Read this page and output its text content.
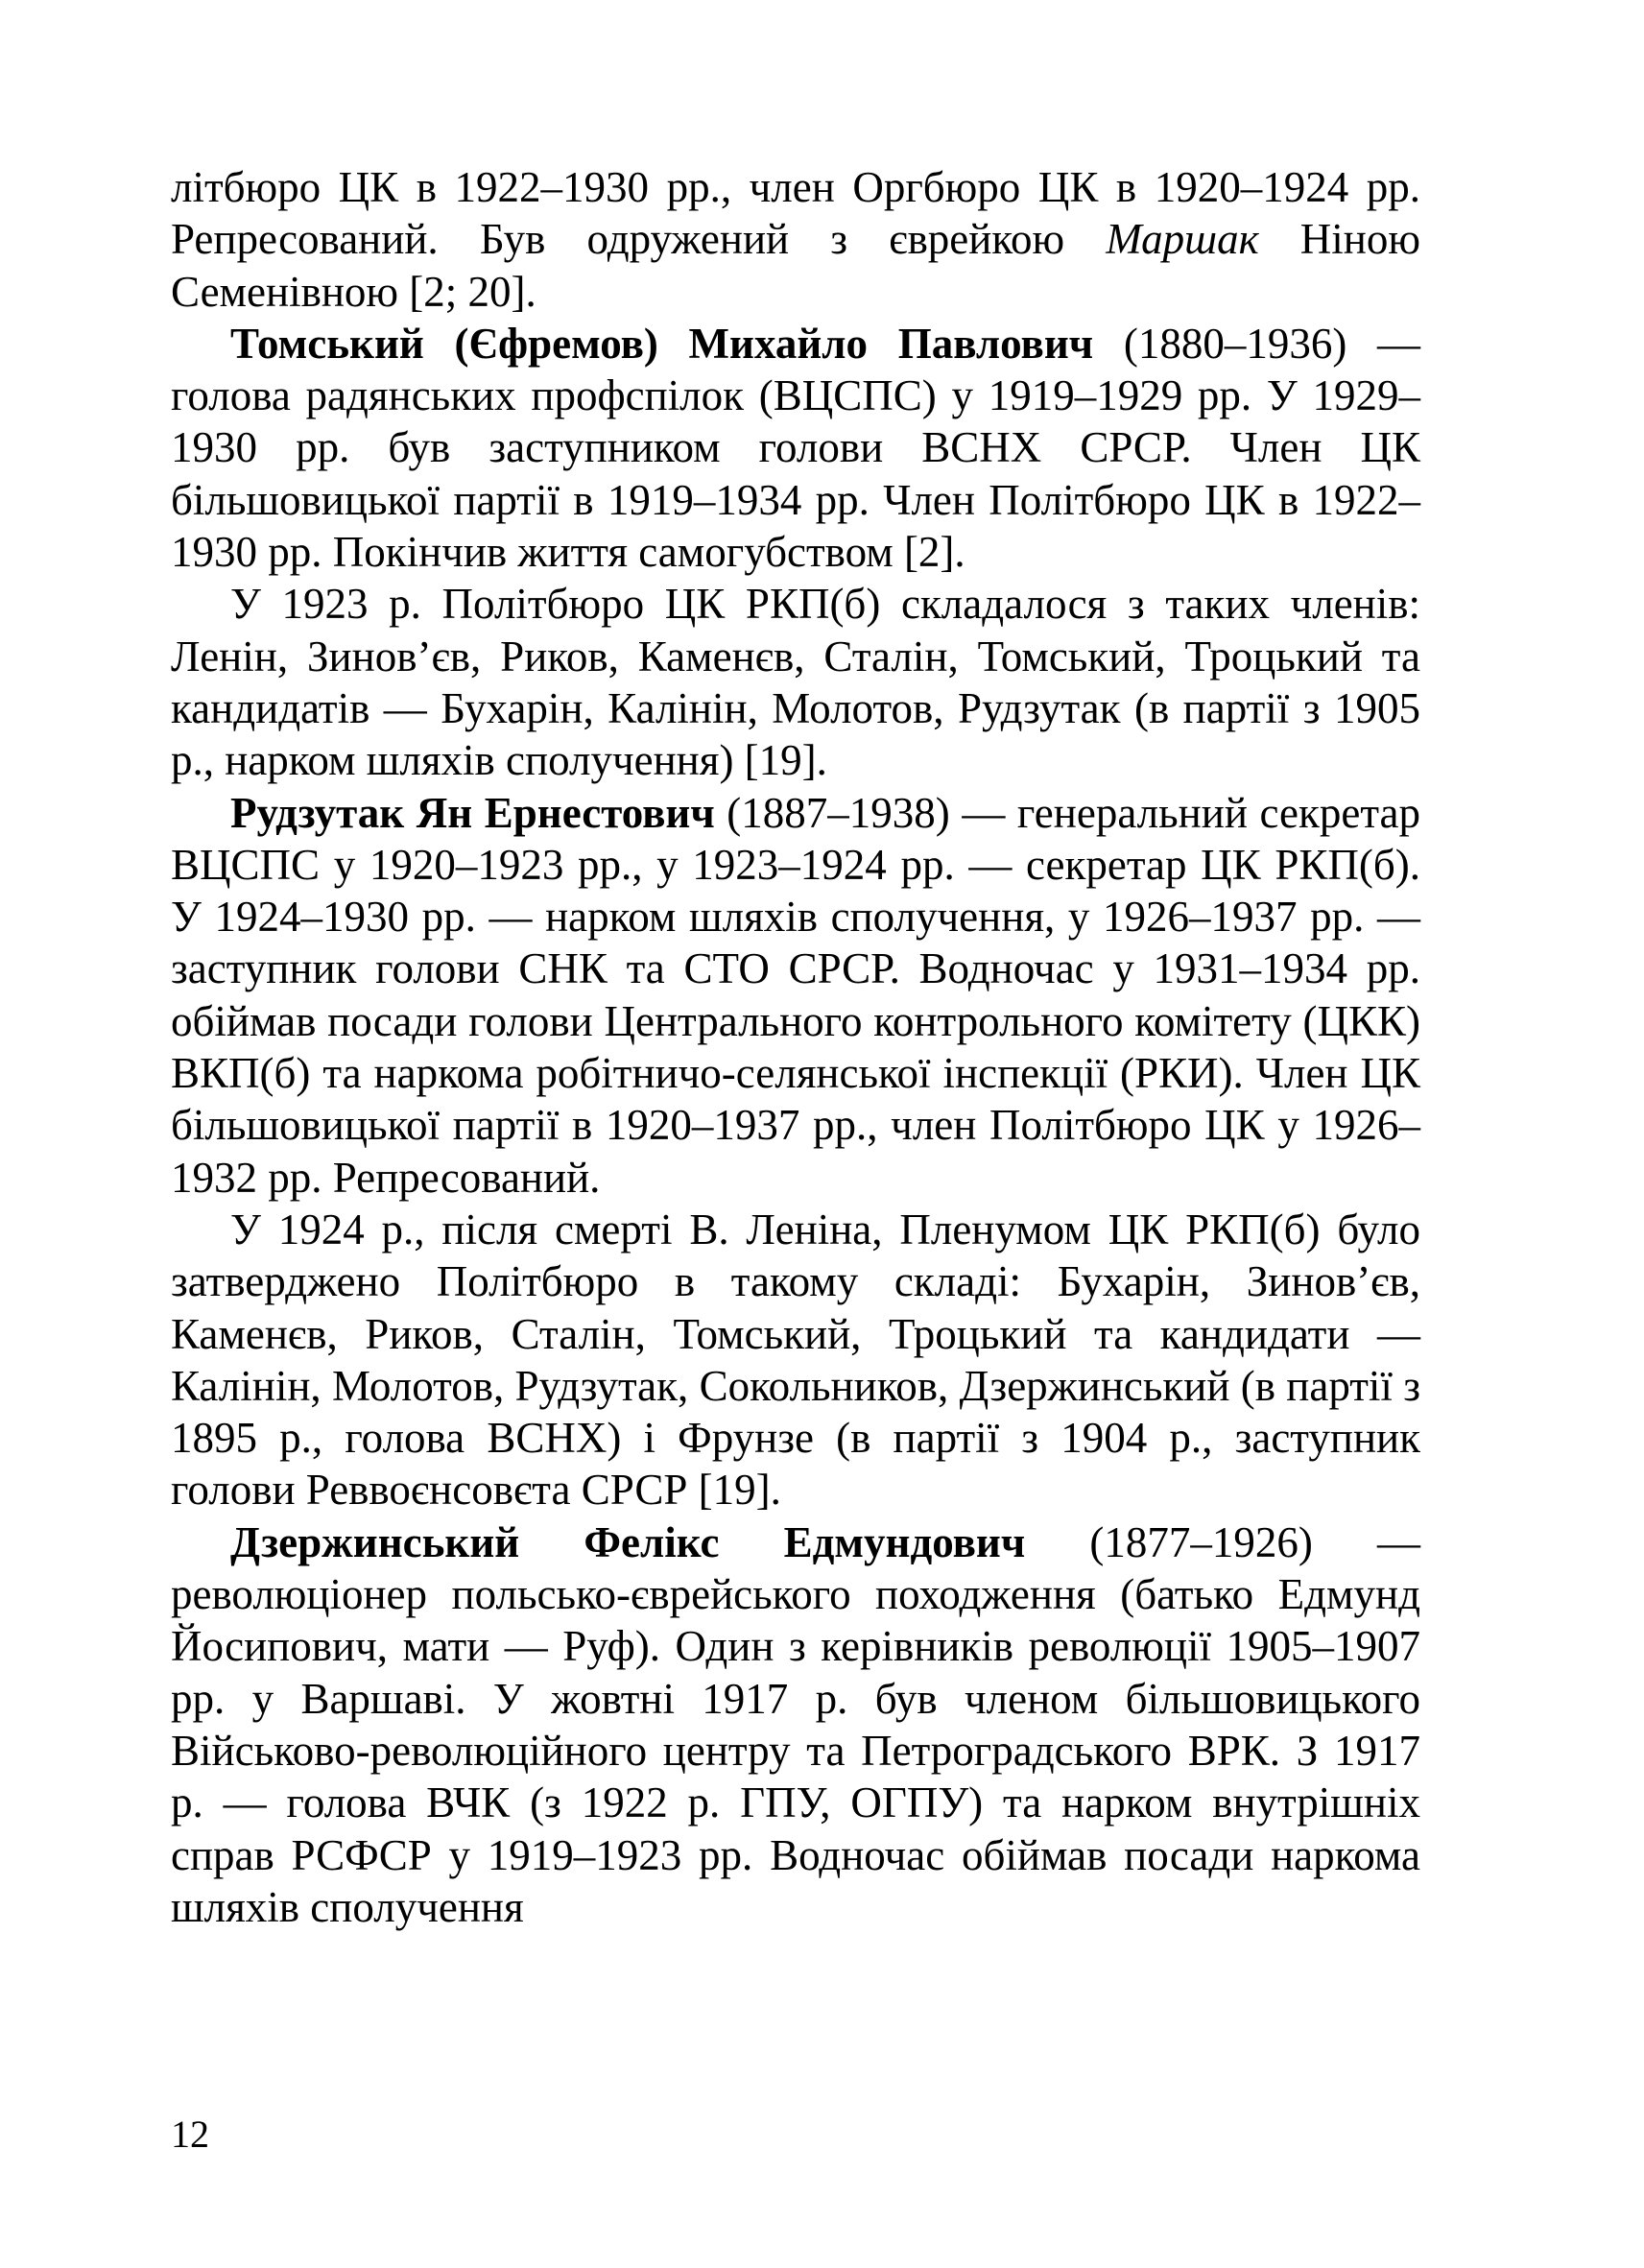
літбюро ЦК в 1922–1930 рр., член Оргбюро ЦК в 1920–1924 рр. Репресований. Був одружений з єврейкою Маршак Ніною Семенівною [2; 20].

Томський (Єфремов) Михайло Павлович (1880–1936) — голова радянських профспілок (ВЦСПС) у 1919–1929 рр. У 1929–1930 рр. був заступником голови ВСНХ СРСР. Член ЦК більшовицької партії в 1919–1934 рр. Член Політбюро ЦК в 1922–1930 рр. Покінчив життя самогубством [2].

У 1923 р. Політбюро ЦК РКП(б) складалося з таких членів: Ленін, Зинов’єв, Риков, Каменєв, Сталін, Томський, Троцький та кандидатів — Бухарін, Калінін, Молотов, Рудзутак (в партії з 1905 р., нарком шляхів сполучення) [19].

Рудзутак Ян Ернестович (1887–1938) — генеральний секретар ВЦСПС у 1920–1923 рр., у 1923–1924 рр. — секретар ЦК РКП(б). У 1924–1930 рр. — нарком шляхів сполучення, у 1926–1937 рр. — заступник голови СНК та СТО СРСР. Водночас у 1931–1934 рр. обіймав посади голови Центрального контрольного комітету (ЦКК) ВКП(б) та наркома робітничо-селянської інспекції (РКИ). Член ЦК більшовицької партії в 1920–1937 рр., член Політбюро ЦК у 1926–1932 рр. Репресований.

У 1924 р., після смерті В. Леніна, Пленумом ЦК РКП(б) було затверджено Політбюро в такому складі: Бухарін, Зинов’єв, Каменєв, Риков, Сталін, Томський, Троцький та кандидати — Калінін, Молотов, Рудзутак, Сокольников, Дзержинський (в партії з 1895 р., голова ВСНХ) і Фрунзе (в партії з 1904 р., заступник голови Реввоєнсовєта СРСР [19].

Дзержинський Фелікс Едмундович (1877–1926) — революціонер польсько-єврейського походження (батько Едмунд Йосипович, мати — Руф). Один з керівників революції 1905–1907 рр. у Варшаві. У жовтні 1917 р. був членом більшовицького Військово-революційного центру та Петроградського ВРК. З 1917 р. — голова ВЧК (з 1922 р. ГПУ, ОГПУ) та нарком внутрішніх справ РСФСР у 1919–1923 рр. Водночас обіймав посади наркома шляхів сполучення

12
